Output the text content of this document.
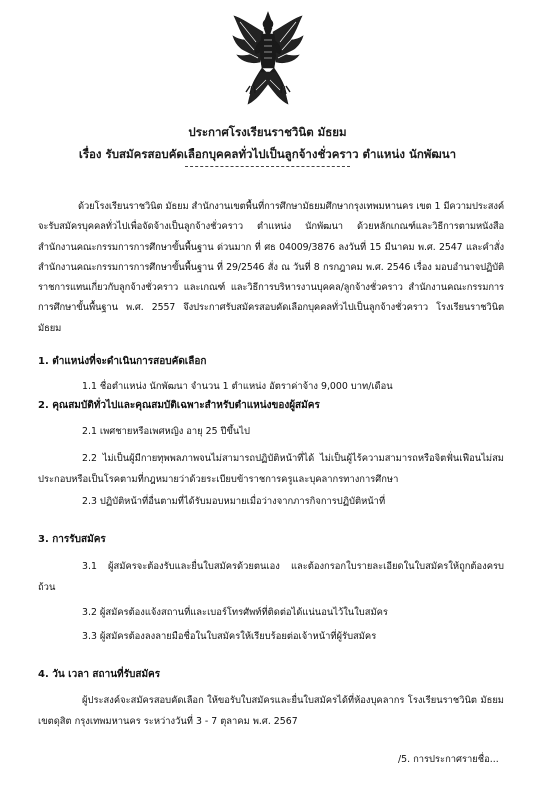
ประกาศโรงเรียนราชวินิต มัธยม
เรื่อง รับสมัครสอบคัดเลือกบุคคลทั่วไปเป็นลูกจ้างชั่วคราว ตำแหน่ง นักพัฒนา
ด้วยโรงเรียนราชวินิต มัธยม สำนักงานเขตพื้นที่การศึกษามัธยมศึกษากรุงเทพมหานคร เขต 1 มีความประสงค์จะรับสมัครบุคคลทั่วไปเพื่อจัดจ้างเป็นลูกจ้างชั่วคราว ตำแหน่ง นักพัฒนา ด้วยหลักเกณฑ์และวิธีการตามหนังสือสำนักงานคณะกรรมการการศึกษาขั้นพื้นฐาน ด่วนมาก ที่ ศธ 04009/3876 ลงวันที่ 15 มีนาคม พ.ศ. 2547 และคำสั่งสำนักงานคณะกรรมการการศึกษาขั้นพื้นฐาน ที่ 29/2546 สั่ง ณ วันที่ 8 กรกฎาคม พ.ศ. 2546 เรื่อง มอบอำนาจปฏิบัติราชการแทนเกี่ยวกับลูกจ้างชั่วคราว และเกณฑ์ และวิธีการบริหารงานบุคคล/ลูกจ้างชั่วคราว สำนักงานคณะกรรมการการศึกษาขั้นพื้นฐาน พ.ศ. 2557 จึงประกาศรับสมัครสอบคัดเลือกบุคคลทั่วไปเป็นลูกจ้างชั่วคราว โรงเรียนราชวินิต มัธยม
1. ตำแหน่งที่จะดำเนินการสอบคัดเลือก
1.1 ชื่อตำแหน่ง นักพัฒนา จำนวน 1 ตำแหน่ง อัตราค่าจ้าง 9,000 บาท/เดือน
2. คุณสมบัติทั่วไปและคุณสมบัติเฉพาะสำหรับตำแหน่งของผู้สมัคร
2.1 เพศชายหรือเพศหญิง อายุ 25 ปีขึ้นไป
2.2 ไม่เป็นผู้มีกายทุพพลภาพจนไม่สามารถปฏิบัติหน้าที่ได้ ไม่เป็นผู้ไร้ความสามารถหรือจิตฟั่นเฟือนไม่สมประกอบหรือเป็นโรคตามที่กฎหมายว่าด้วยระเบียบข้าราชการครูและบุคลากรทางการศึกษา
2.3 ปฏิบัติหน้าที่อื่นตามที่ได้รับมอบหมายเมื่อว่างจากภารกิจการปฏิบัติหน้าที่
3. การรับสมัคร
3.1 ผู้สมัครจะต้องรับและยื่นใบสมัครด้วยตนเอง และต้องกรอกใบรายละเอียดในใบสมัครให้ถูกต้องครบถ้วน
3.2 ผู้สมัครต้องแจ้งสถานที่และเบอร์โทรศัพท์ที่ติดต่อได้แน่นอนไว้ในใบสมัคร
3.3 ผู้สมัครต้องลงลายมือชื่อในใบสมัครให้เรียบร้อยต่อเจ้าหน้าที่ผู้รับสมัคร
4. วัน เวลา สถานที่รับสมัคร
ผู้ประสงค์จะสมัครสอบคัดเลือก ให้ขอรับใบสมัครและยื่นใบสมัครได้ที่ห้องบุคลากร โรงเรียนราชวินิต มัธยม เขตดุสิต กรุงเทพมหานคร ระหว่างวันที่ 3 - 7 ตุลาคม พ.ศ. 2567
/5. การประกาศรายชื่อ...
